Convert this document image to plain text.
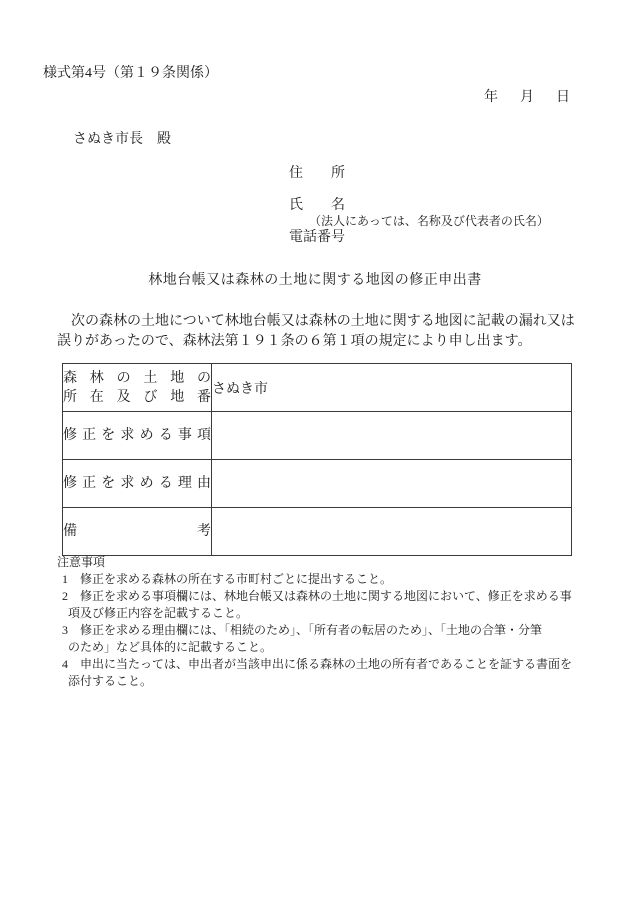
様式第4号（第１９条関係）
年　月　日
さぬき市長　殿
住　　所
氏　　名
（法人にあっては、名称及び代表者の氏名）
電話番号
林地台帳又は森林の土地に関する地図の修正申出書
　次の森林の土地について林地台帳又は森林の土地に関する地図に記載の漏れ又は
誤りがあったので、森林法第１９１条の６第１項の規定により申し出ます。
森林の土地の
所在及び地番	さぬき市

修正を求める事項	

修正を求める理由	

備考	

注意事項
1	修正を求める森林の所在する市町村ごとに提出すること。
2	修正を求める事項欄には、林地台帳又は森林の土地に関する地図において、修正を求める事
項及び修正内容を記載すること。
3	修正を求める理由欄には、「相続のため」、「所有者の転居のため」、「土地の合筆・分筆
のため」など具体的に記載すること。
4	申出に当たっては、申出者が当該申出に係る森林の土地の所有者であることを証する書面を
添付すること。
